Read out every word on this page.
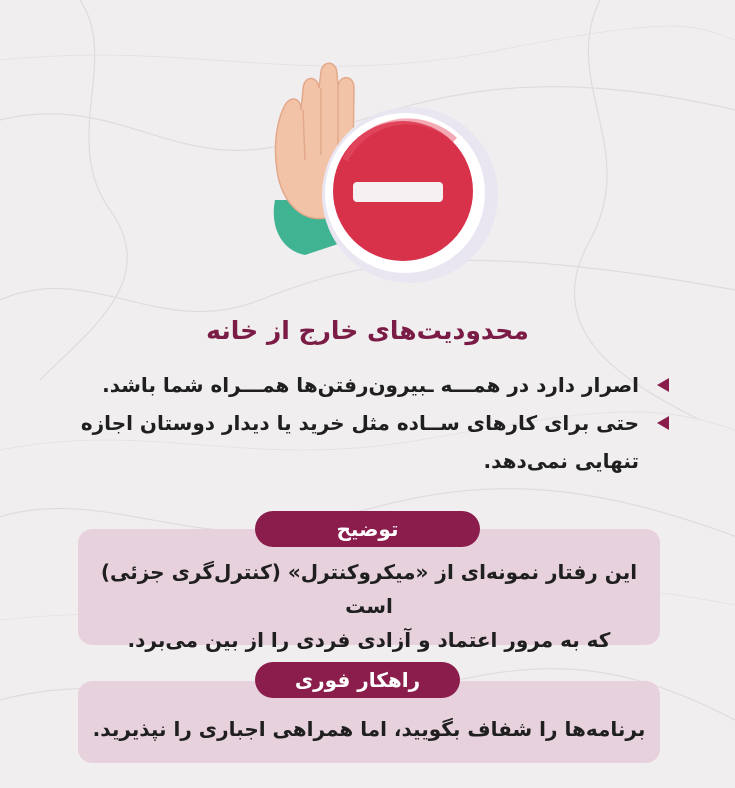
محدودیت‌های خارج از خانه
اصرار دارد در همـــه ـبیرون‌رفتن‌ها همـــراه شما باشد.
حتی برای کارهای ســاده مثل خرید یا دیدار دوستان اجازه
تنهایی نمی‌دهد.
این رفتار نمونه‌ای از «میکروکنترل» (کنترل‌گری جزئی) است
که به مرور اعتماد و آزادی فردی را از بین می‌برد.
توضیح
برنامه‌ها را شفاف بگویید، اما همراهی اجباری را نپذیرید.
راهکار فوری
